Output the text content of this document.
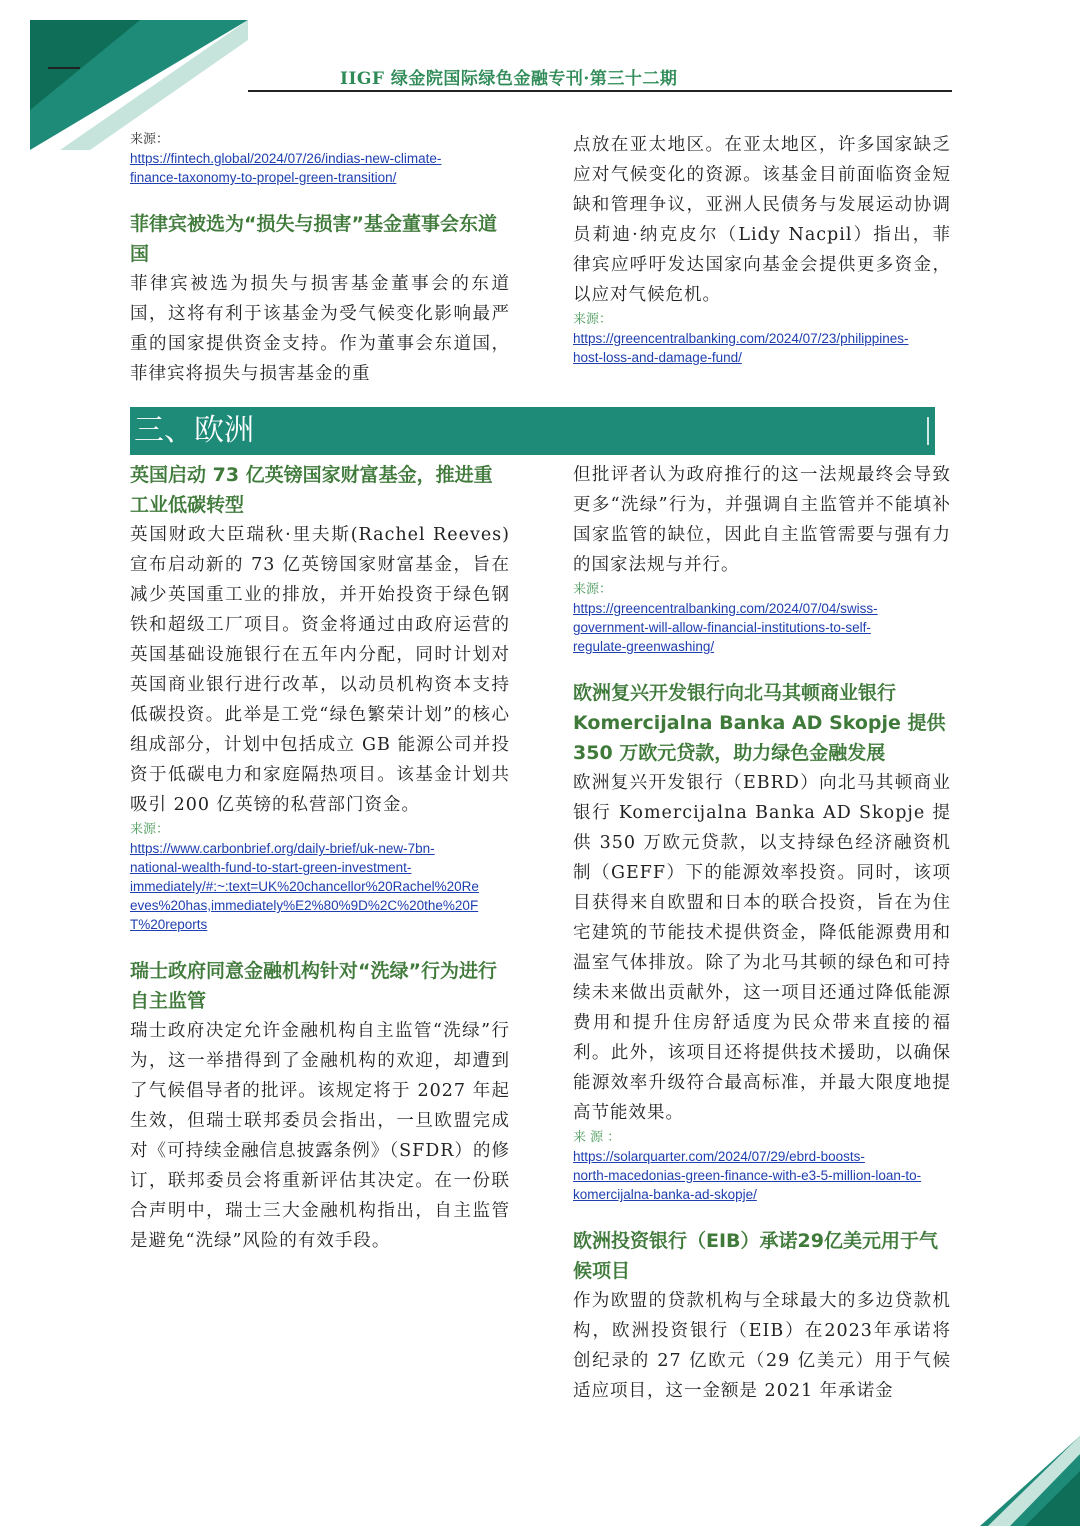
IIGF 绿金院国际绿色金融专刊·第三十二期
来源：
https://fintech.global/2024/07/26/indias-new-climate-
finance-taxonomy-to-propel-green-transition/

菲律宾被选为“损失与损害”基金董事会东道国

菲律宾被选为损失与损害基金董事会的东道国，这将有利于该基金为受气候变化影响最严重的国家提供资金支持。作为董事会东道国，菲律宾将损失与损害基金的重

点放在亚太地区。在亚太地区，许多国家缺乏应对气候变化的资源。该基金目前面临资金短缺和管理争议，亚洲人民债务与发展运动协调员莉迪·纳克皮尔（Lidy Nacpil）指出，菲律宾应呼吁发达国家向基金会提供更多资金，以应对气候危机。

来源：
https://greencentralbanking.com/2024/07/23/philippines-
host-loss-and-damage-fund/
三、欧洲

英国启动 73 亿英镑国家财富基金，推进重工业低碳转型

英国财政大臣瑞秋·里夫斯(Rachel Reeves)宣布启动新的 73 亿英镑国家财富基金，旨在减少英国重工业的排放，并开始投资于绿色钢铁和超级工厂项目。资金将通过由政府运营的英国基础设施银行在五年内分配，同时计划对英国商业银行进行改革，以动员机构资本支持低碳投资。此举是工党“绿色繁荣计划”的核心组成部分，计划中包括成立 GB 能源公司并投资于低碳电力和家庭隔热项目。该基金计划共吸引 200 亿英镑的私营部门资金。

来源：
https://www.carbonbrief.org/daily-brief/uk-new-7bn-
national-wealth-fund-to-start-green-investment-
immediately/#:~:text=UK%20chancellor%20Rachel%20Re
eves%20has,immediately%E2%80%9D%2C%20the%20F
T%20reports

瑞士政府同意金融机构针对“洗绿”行为进行自主监管

瑞士政府决定允许金融机构自主监管“洗绿”行为，这一举措得到了金融机构的欢迎，却遭到了气候倡导者的批评。该规定将于 2027 年起生效，但瑞士联邦委员会指出，一旦欧盟完成对《可持续金融信息披露条例》（SFDR）的修订，联邦委员会将重新评估其决定。在一份联合声明中，瑞士三大金融机构指出，自主监管是避免“洗绿”风险的有效手段。

但批评者认为政府推行的这一法规最终会导致更多“洗绿”行为，并强调自主监管并不能填补国家监管的缺位，因此自主监管需要与强有力的国家法规与并行。

来源：
https://greencentralbanking.com/2024/07/04/swiss-
government-will-allow-financial-institutions-to-self-
regulate-greenwashing/

欧洲复兴开发银行向北马其顿商业银行 Komercijalna Banka AD Skopje 提供 350 万欧元贷款，助力绿色金融发展

欧洲复兴开发银行（EBRD）向北马其顿商业银行 Komercijalna Banka AD Skopje 提供 350 万欧元贷款，以支持绿色经济融资机制（GEFF）下的能源效率投资。同时，该项目获得来自欧盟和日本的联合投资，旨在为住宅建筑的节能技术提供资金，降低能源费用和温室气体排放。除了为北马其顿的绿色和可持续未来做出贡献外，这一项目还通过降低能源费用和提升住房舒适度为民众带来直接的福利。此外，该项目还将提供技术援助，以确保能源效率升级符合最高标准，并最大限度地提高节能效果。

来 源 ：
https://solarquarter.com/2024/07/29/ebrd-boosts-
north-macedonias-green-finance-with-e3-5-million-loan-to-
komercijalna-banka-ad-skopje/

欧洲投资银行（EIB）承诺29亿美元用于气候项目

作为欧盟的贷款机构与全球最大的多边贷款机构，欧洲投资银行（EIB）在2023年承诺将创纪录的 27 亿欧元（29 亿美元）用于气候适应项目，这一金额是 2021 年承诺金
